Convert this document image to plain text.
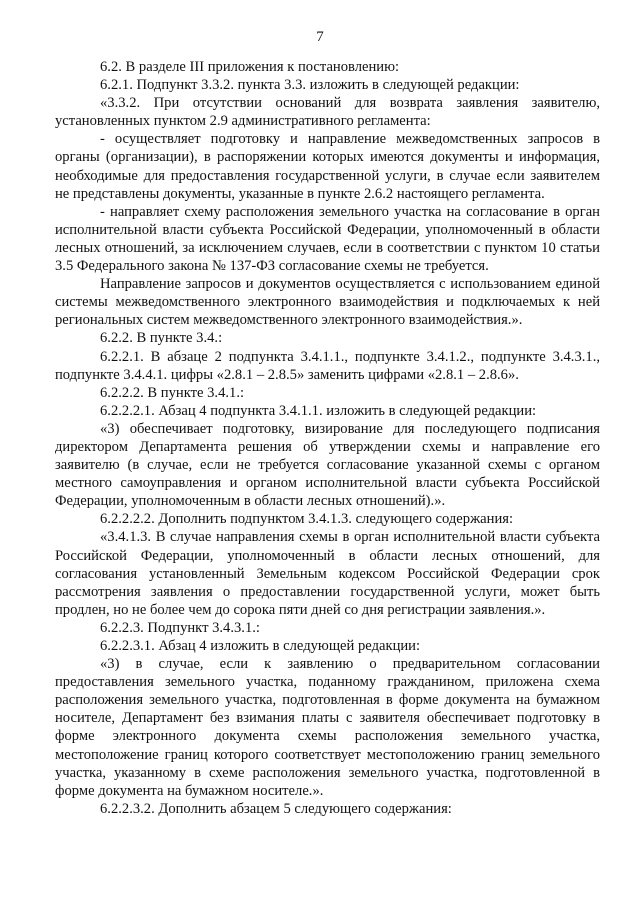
7

6.2. В разделе III приложения к постановлению:

6.2.1. Подпункт 3.3.2. пункта 3.3. изложить в следующей редакции:

«3.3.2. При отсутствии оснований для возврата заявления заявителю, установленных пунктом 2.9 административного регламента:

- осуществляет подготовку и направление межведомственных запросов в органы (организации), в распоряжении которых имеются документы и информация, необходимые для предоставления государственной услуги, в случае если заявителем не представлены документы, указанные в пункте 2.6.2 настоящего регламента.

- направляет схему расположения земельного участка на согласование в орган исполнительной власти субъекта Российской Федерации, уполномоченный в области лесных отношений, за исключением случаев, если в соответствии с пунктом 10 статьи 3.5 Федерального закона № 137-ФЗ согласование схемы не требуется.

Направление запросов и документов осуществляется с использованием единой системы межведомственного электронного взаимодействия и подключаемых к ней региональных систем межведомственного электронного взаимодействия.».

6.2.2. В пункте 3.4.:

6.2.2.1. В абзаце 2 подпункта 3.4.1.1., подпункте 3.4.1.2., подпункте 3.4.3.1., подпункте 3.4.4.1. цифры «2.8.1 – 2.8.5» заменить цифрами «2.8.1 – 2.8.6».

6.2.2.2. В пункте 3.4.1.:

6.2.2.2.1. Абзац 4 подпункта 3.4.1.1. изложить в следующей редакции:

«3) обеспечивает подготовку, визирование для последующего подписания директором Департамента решения об утверждении схемы и направление его заявителю (в случае, если не требуется согласование указанной схемы с органом местного самоуправления и органом исполнительной власти субъекта Российской Федерации, уполномоченным в области лесных отношений).».

6.2.2.2.2. Дополнить подпунктом 3.4.1.3. следующего содержания:

«3.4.1.3. В случае направления схемы в орган исполнительной власти субъекта Российской Федерации, уполномоченный в области лесных отношений, для согласования установленный Земельным кодексом Российской Федерации срок рассмотрения заявления о предоставлении государственной услуги, может быть продлен, но не более чем до сорока пяти дней со дня регистрации заявления.».

6.2.2.3. Подпункт 3.4.3.1.:

6.2.2.3.1. Абзац 4 изложить в следующей редакции:

«3) в случае, если к заявлению о предварительном согласовании предоставления земельного участка, поданному гражданином, приложена схема расположения земельного участка, подготовленная в форме документа на бумажном носителе, Департамент без взимания платы с заявителя обеспечивает подготовку в форме электронного документа схемы расположения земельного участка, местоположение границ которого соответствует местоположению границ земельного участка, указанному в схеме расположения земельного участка, подготовленной в форме документа на бумажном носителе.».

6.2.2.3.2. Дополнить абзацем 5 следующего содержания:
